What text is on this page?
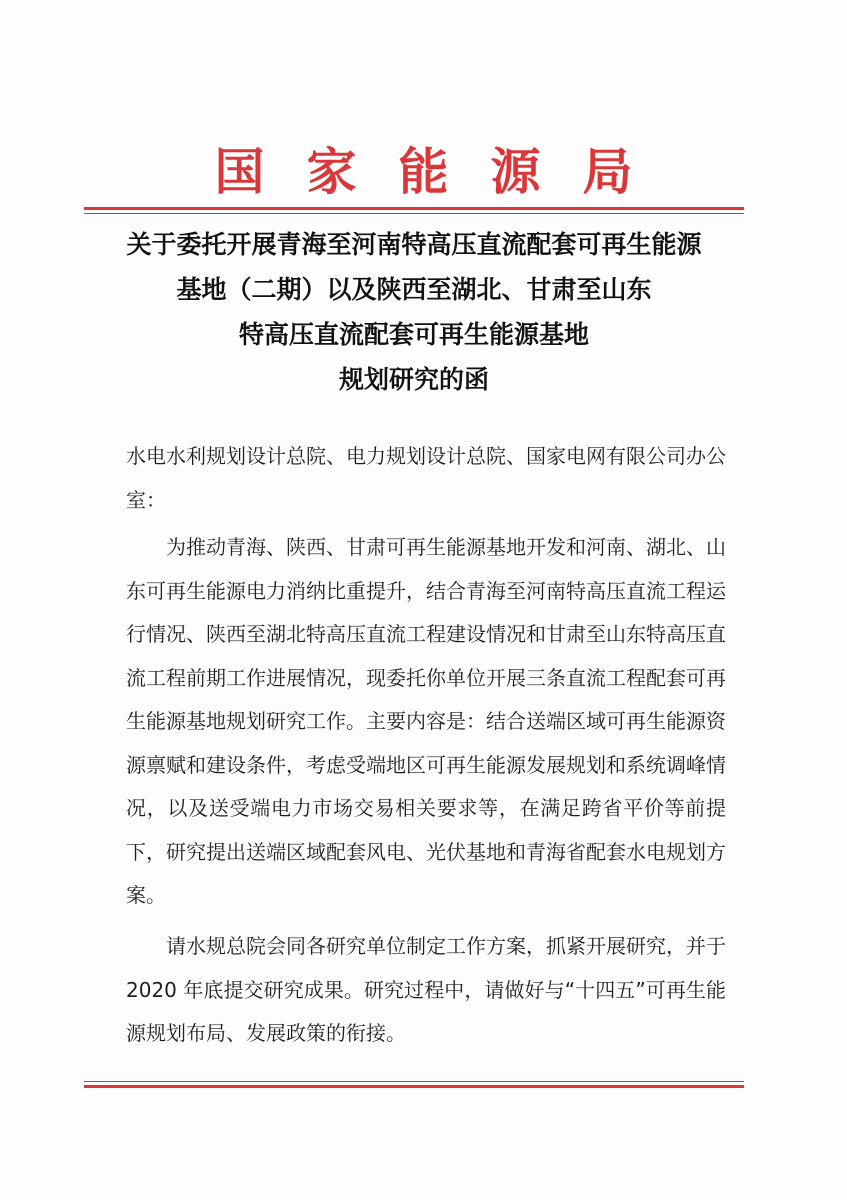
国家能源局
关于委托开展青海至河南特高压直流配套可再生能源
基地（二期）以及陕西至湖北、甘肃至山东
特高压直流配套可再生能源基地
规划研究的函

水电水利规划设计总院、电力规划设计总院、国家电网有限公司办公室：

为推动青海、陕西、甘肃可再生能源基地开发和河南、湖北、山东可再生能源电力消纳比重提升，结合青海至河南特高压直流工程运行情况、陕西至湖北特高压直流工程建设情况和甘肃至山东特高压直流工程前期工作进展情况，现委托你单位开展三条直流工程配套可再生能源基地规划研究工作。主要内容是：结合送端区域可再生能源资源禀赋和建设条件，考虑受端地区可再生能源发展规划和系统调峰情况，以及送受端电力市场交易相关要求等，在满足跨省平价等前提下，研究提出送端区域配套风电、光伏基地和青海省配套水电规划方案。

请水规总院会同各研究单位制定工作方案，抓紧开展研究，并于 2020 年底提交研究成果。研究过程中，请做好与“十四五”可再生能源规划布局、发展政策的衔接。
